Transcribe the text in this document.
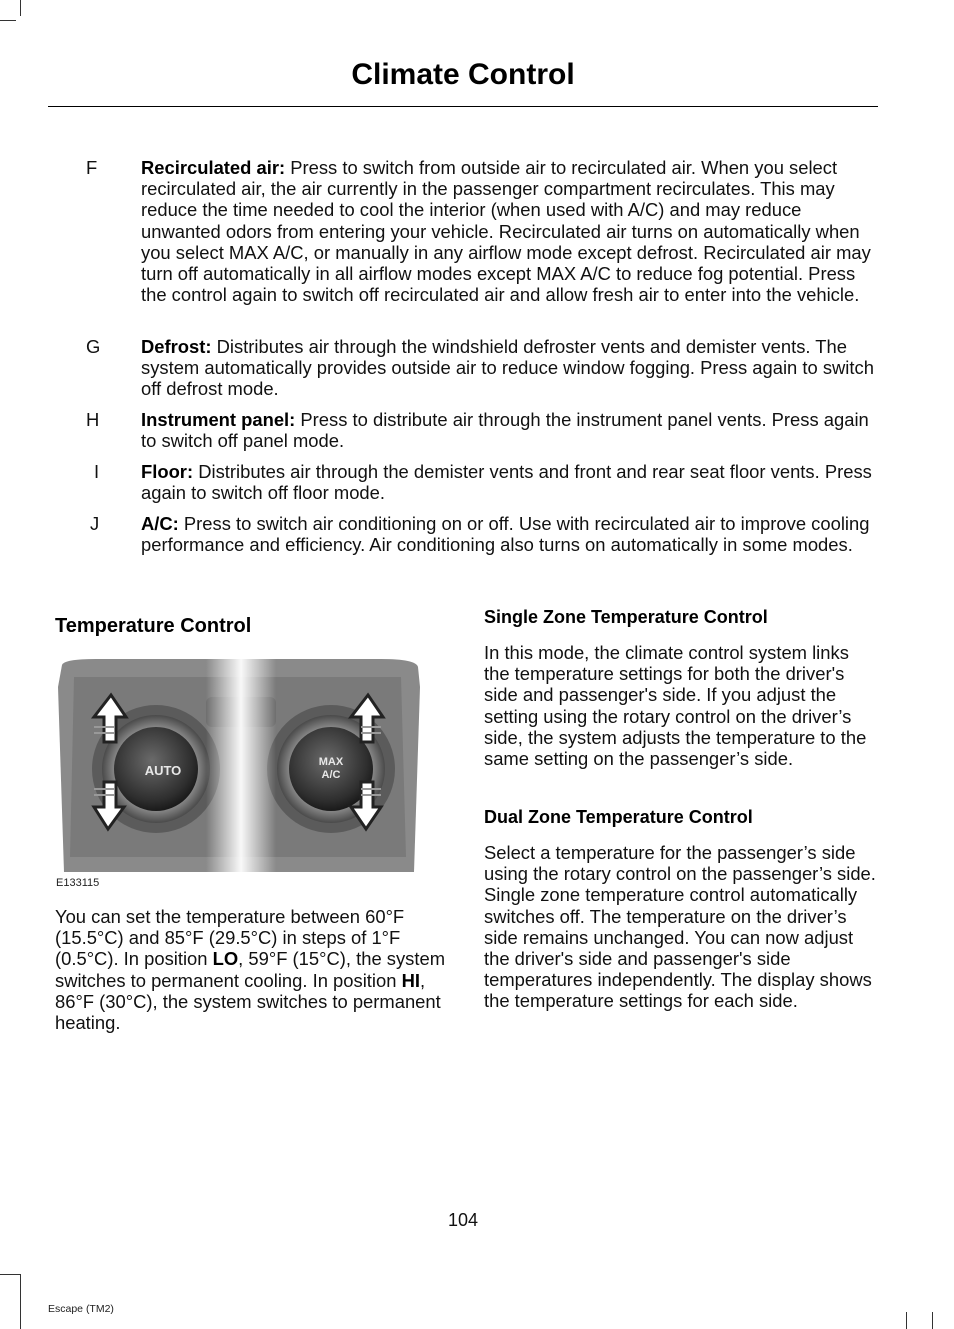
Climate Control
F	Recirculated air: Press to switch from outside air to recirculated air. When you select recirculated air, the air currently in the passenger compartment recirculates. This may reduce the time needed to cool the interior (when used with A/C) and may reduce unwanted odors from entering your vehicle. Recirculated air turns on automatically when you select MAX A/C, or manually in any airflow mode except defrost. Recirculated air may turn off automatically in all airflow modes except MAX A/C to reduce fog potential. Press the control again to switch off recirculated air and allow fresh air to enter into the vehicle.
G	Defrost: Distributes air through the windshield defroster vents and demister vents. The system automatically provides outside air to reduce window fogging. Press again to switch off defrost mode.
H	Instrument panel: Press to distribute air through the instrument panel vents. Press again to switch off panel mode.
I	Floor: Distributes air through the demister vents and front and rear seat floor vents. Press again to switch off floor mode.
J	A/C: Press to switch air conditioning on or off. Use with recirculated air to improve cooling performance and efficiency. Air conditioning also turns on automatically in some modes.
Temperature Control
AUTO
MAX
A/C
E133115
You can set the temperature between 60°F (15.5°C) and 85°F (29.5°C) in steps of 1°F (0.5°C). In position LO, 59°F (15°C), the system switches to permanent cooling. In position HI, 86°F (30°C), the system switches to permanent heating.
Single Zone Temperature Control
In this mode, the climate control system links the temperature settings for both the driver's side and passenger's side. If you adjust the setting using the rotary control on the driver’s side, the system adjusts the temperature to the same setting on the passenger’s side.
Dual Zone Temperature Control
Select a temperature for the passenger’s side using the rotary control on the passenger’s side. Single zone temperature control automatically switches off. The temperature on the driver’s side remains unchanged. You can now adjust the driver's side and passenger's side temperatures independently. The display shows the temperature settings for each side.
104
Escape (TM2)
